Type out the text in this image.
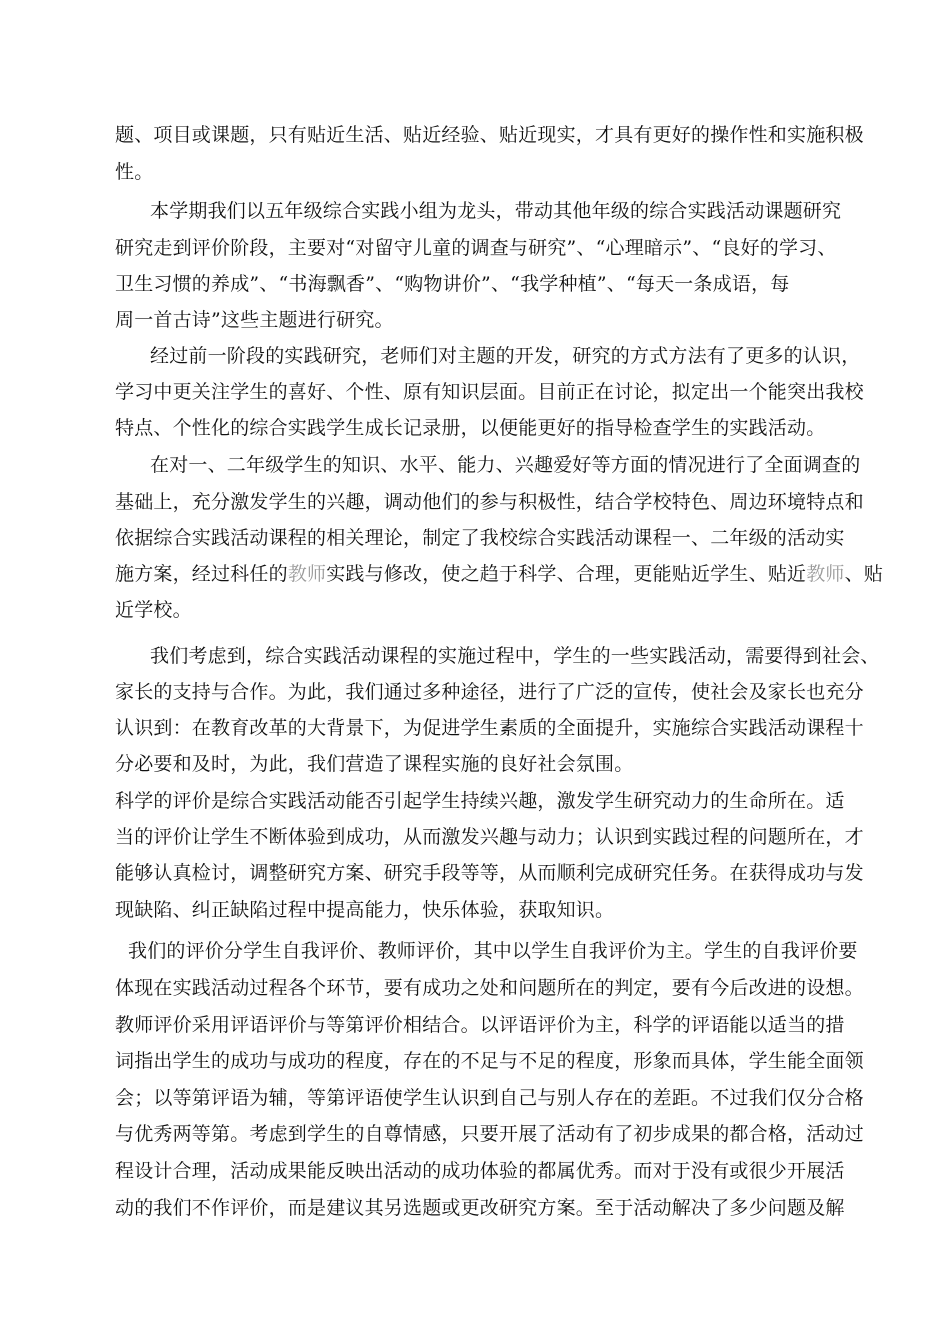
题、项目或课题，只有贴近生活、贴近经验、贴近现实，才具有更好的操作性和实施积极
性。
本学期我们以五年级综合实践小组为龙头，带动其他年级的综合实践活动课题研究
研究走到评价阶段，主要对“对留守儿童的调查与研究”、“心理暗示”、“良好的学习、
卫生习惯的养成”、“书海飘香”、“购物讲价”、“我学种植”、“每天一条成语，每
周一首古诗”这些主题进行研究。
经过前一阶段的实践研究，老师们对主题的开发，研究的方式方法有了更多的认识，
学习中更关注学生的喜好、个性、原有知识层面。目前正在讨论，拟定出一个能突出我校
特点、个性化的综合实践学生成长记录册，以便能更好的指导检查学生的实践活动。
在对一、二年级学生的知识、水平、能力、兴趣爱好等方面的情况进行了全面调查的
基础上，充分激发学生的兴趣，调动他们的参与积极性，结合学校特色、周边环境特点和
依据综合实践活动课程的相关理论，制定了我校综合实践活动课程一、二年级的活动实
施方案，经过科任的教师实践与修改，使之趋于科学、合理，更能贴近学生、贴近教师、贴
近学校。
我们考虑到，综合实践活动课程的实施过程中，学生的一些实践活动，需要得到社会、
家长的支持与合作。为此，我们通过多种途径，进行了广泛的宣传，使社会及家长也充分
认识到：在教育改革的大背景下，为促进学生素质的全面提升，实施综合实践活动课程十
分必要和及时，为此，我们营造了课程实施的良好社会氛围。
科学的评价是综合实践活动能否引起学生持续兴趣，激发学生研究动力的生命所在。适
当的评价让学生不断体验到成功，从而激发兴趣与动力；认识到实践过程的问题所在，才
能够认真检讨，调整研究方案、研究手段等等，从而顺利完成研究任务。在获得成功与发
现缺陷、纠正缺陷过程中提高能力，快乐体验，获取知识。
我们的评价分学生自我评价、教师评价，其中以学生自我评价为主。学生的自我评价要
体现在实践活动过程各个环节，要有成功之处和问题所在的判定，要有今后改进的设想。
教师评价采用评语评价与等第评价相结合。以评语评价为主，科学的评语能以适当的措
词指出学生的成功与成功的程度，存在的不足与不足的程度，形象而具体，学生能全面领
会；以等第评语为辅，等第评语使学生认识到自己与别人存在的差距。不过我们仅分合格
与优秀两等第。考虑到学生的自尊情感，只要开展了活动有了初步成果的都合格，活动过
程设计合理，活动成果能反映出活动的成功体验的都属优秀。而对于没有或很少开展活
动的我们不作评价，而是建议其另选题或更改研究方案。至于活动解决了多少问题及解
